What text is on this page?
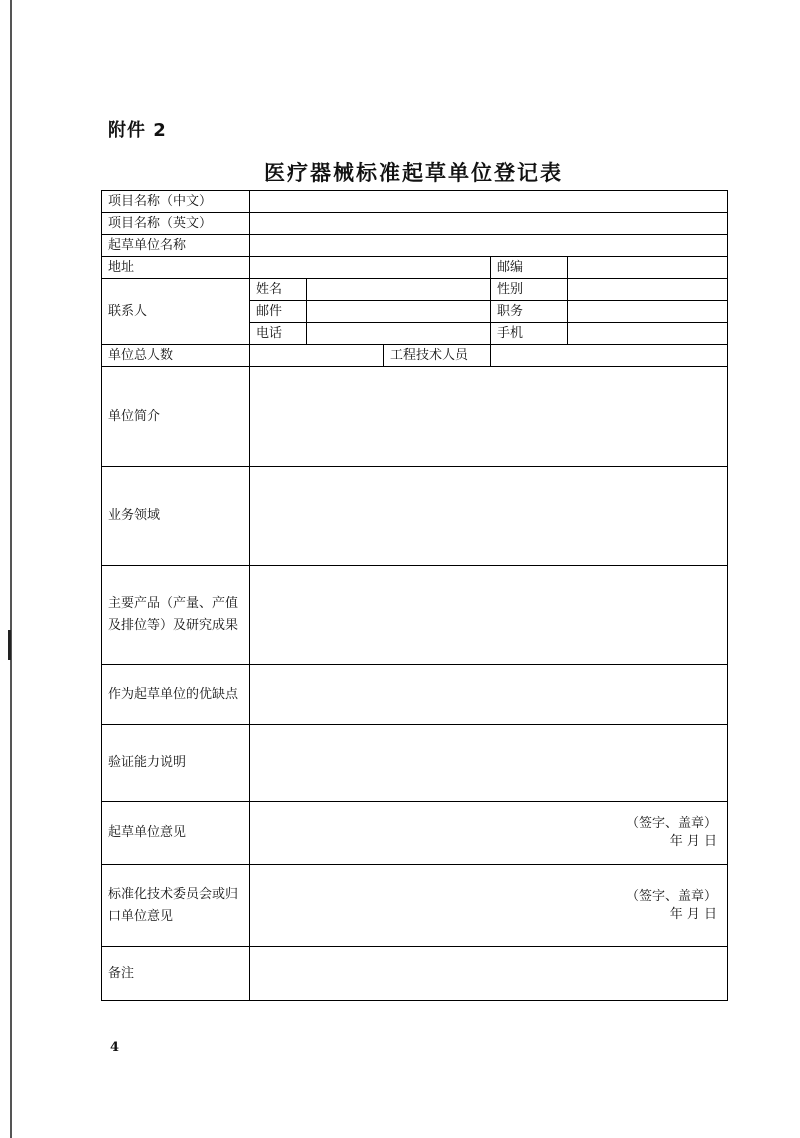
附件 2
医疗器械标准起草单位登记表
项目名称（中文）					
项目名称（英文）					
起草单位名称					
地址				邮编	
联系人	姓名			性别	
	邮件			职务	
	电话			手机	
单位总人数			工程技术人员		
单位简介					
业务领域					
主要产品（产量、产值及排位等）及研究成果					
作为起草单位的优缺点					
验证能力说明					
起草单位意见	（签字、盖章）
年 月 日				

标准化技术委员会或归口单位意见	（签字、盖章）
年 月 日				

备注					
4
